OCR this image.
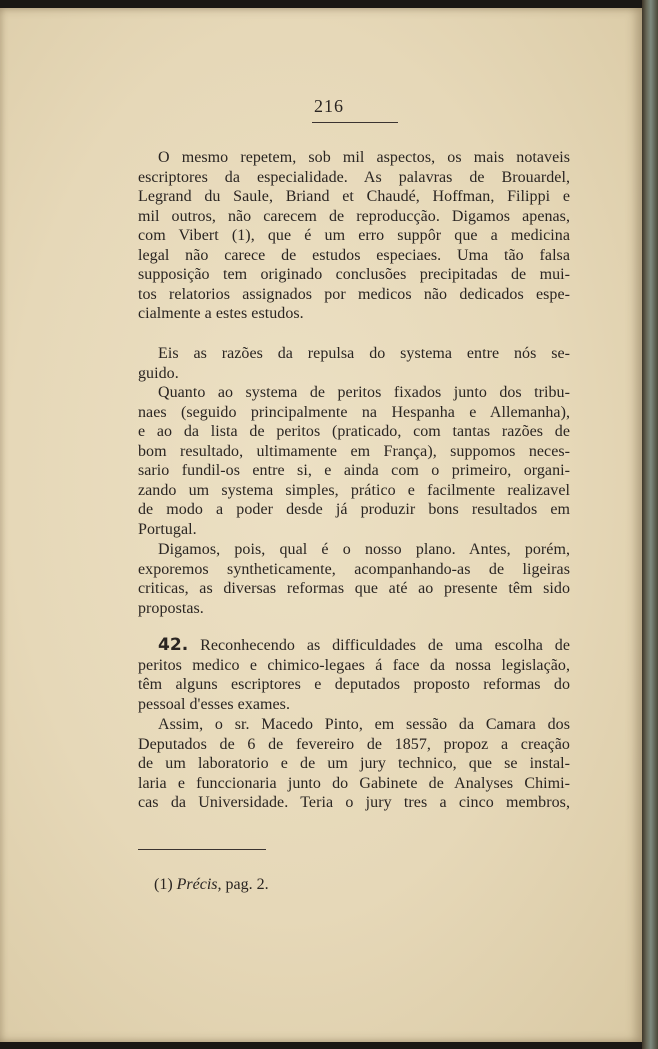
216
O mesmo repetem, sob mil aspectos, os mais notaveis
escriptores da especialidade. As palavras de Brouardel,
Legrand du Saule, Briand et Chaudé, Hoffman, Filippi e
mil outros, não carecem de reproducção. Digamos apenas,
com Vibert (1), que é um erro suppôr que a medicina
legal não carece de estudos especiaes. Uma tão falsa
supposição tem originado conclusões precipitadas de mui-
tos relatorios assignados por medicos não dedicados espe-
cialmente a estes estudos.
Eis as razões da repulsa do systema entre nós se-
guido.
Quanto ao systema de peritos fixados junto dos tribu-
naes (seguido principalmente na Hespanha e Allemanha),
e ao da lista de peritos (praticado, com tantas razões de
bom resultado, ultimamente em França), suppomos neces-
sario fundil-os entre si, e ainda com o primeiro, organi-
zando um systema simples, prático e facilmente realizavel
de modo a poder desde já produzir bons resultados em
Portugal.
Digamos, pois, qual é o nosso plano. Antes, porém,
exporemos syntheticamente, acompanhando-as de ligeiras
criticas, as diversas reformas que até ao presente têm sido
propostas.
42. Reconhecendo as difficuldades de uma escolha de
peritos medico e chimico-legaes á face da nossa legislação,
têm alguns escriptores e deputados proposto reformas do
pessoal d'esses exames.
Assim, o sr. Macedo Pinto, em sessão da Camara dos
Deputados de 6 de fevereiro de 1857, propoz a creação
de um laboratorio e de um jury technico, que se instal-
laria e funccionaria junto do Gabinete de Analyses Chimi-
cas da Universidade. Teria o jury tres a cinco membros,
(1) Précis, pag. 2.
